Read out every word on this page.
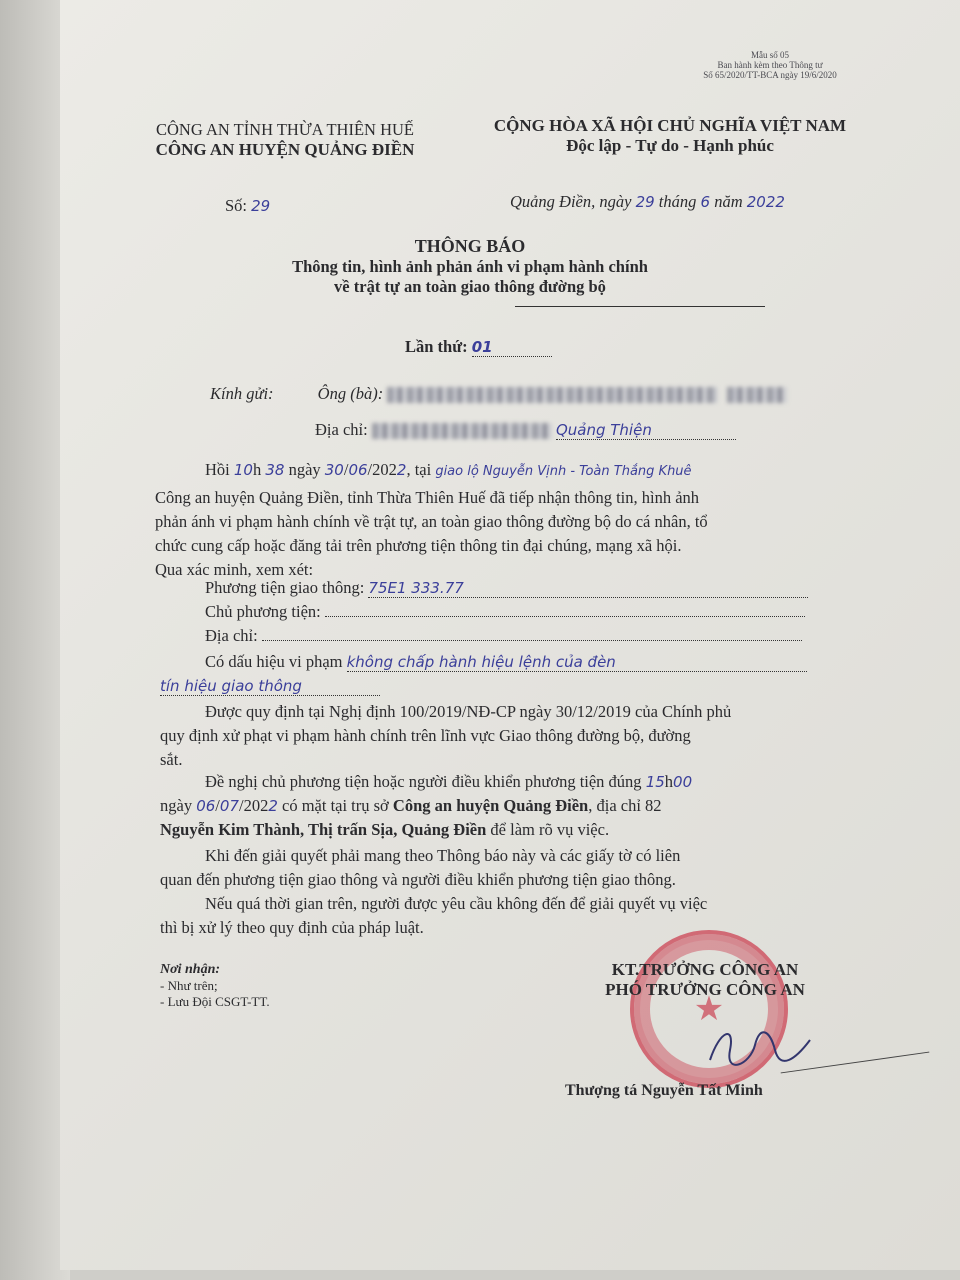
Mẫu số 05
Ban hành kèm theo Thông tư
Số 65/2020/TT-BCA ngày 19/6/2020
CÔNG AN TỈNH THỪA THIÊN HUẾ
CÔNG AN HUYỆN QUẢNG ĐIỀN
Số: 29
CỘNG HÒA XÃ HỘI CHỦ NGHĨA VIỆT NAM
Độc lập - Tự do - Hạnh phúc
Quảng Điền, ngày 29 tháng 6 năm 2022
THÔNG BÁO
Thông tin, hình ảnh phản ánh vi phạm hành chính
về trật tự an toàn giao thông đường bộ
Lần thứ: 01
Kính gửi:	Ông (bà):
Địa chỉ:	Quảng Thiện
Hồi 10h 38 ngày 30/06/2022, tại giao lộ Nguyễn Vịnh - Toàn Thắng Khuê
Công an huyện Quảng Điền, tỉnh Thừa Thiên Huế đã tiếp nhận thông tin, hình ảnh
phản ánh vi phạm hành chính về trật tự, an toàn giao thông đường bộ do cá nhân, tổ
chức cung cấp hoặc đăng tải trên phương tiện thông tin đại chúng, mạng xã hội.
Qua xác minh, xem xét:
Phương tiện giao thông: 75E1 333.77
Chủ phương tiện:
Địa chỉ:
Có dấu hiệu vi phạm không chấp hành hiệu lệnh của đèn
tín hiệu giao thông
Được quy định tại Nghị định 100/2019/NĐ-CP ngày 30/12/2019 của Chính phủ
quy định xử phạt vi phạm hành chính trên lĩnh vực Giao thông đường bộ, đường
sắt.
Đề nghị chủ phương tiện hoặc người điều khiển phương tiện đúng 15h00
ngày 06/07/2022 có mặt tại trụ sở Công an huyện Quảng Điền, địa chỉ 82
Nguyễn Kim Thành, Thị trấn Sịa, Quảng Điền để làm rõ vụ việc.
Khi đến giải quyết phải mang theo Thông báo này và các giấy tờ có liên
quan đến phương tiện giao thông và người điều khiển phương tiện giao thông.
Nếu quá thời gian trên, người được yêu cầu không đến để giải quyết vụ việc
thì bị xử lý theo quy định của pháp luật.
Nơi nhận:
- Như trên;
- Lưu Đội CSGT-TT.	★
KT.TRƯỞNG CÔNG AN
PHÓ TRƯỞNG CÔNG AN
Thượng tá Nguyễn Tất Minh
